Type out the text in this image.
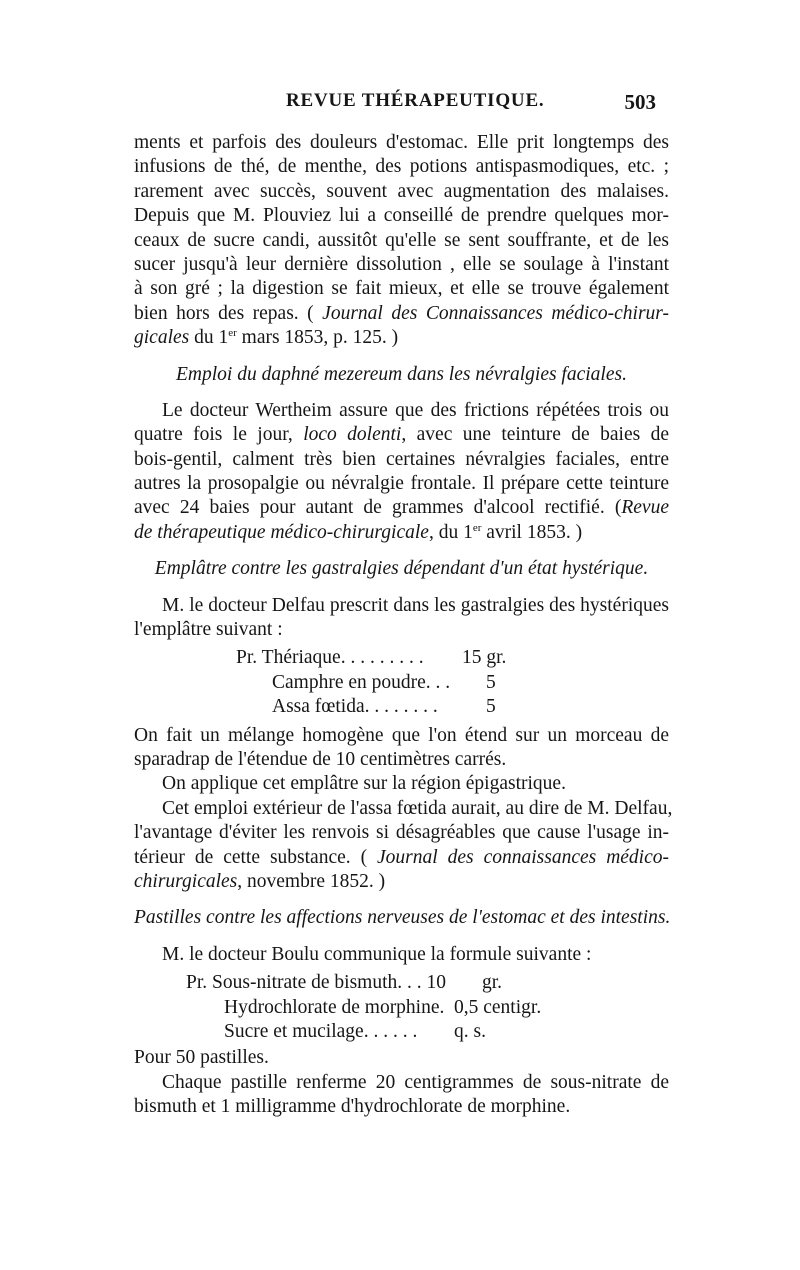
REVUE THÉRAPEUTIQUE.	503
ments et parfois des douleurs d'estomac. Elle prit longtemps des
infusions de thé, de menthe, des potions antispasmodiques, etc. ;
rarement avec succès, souvent avec augmentation des malaises.
Depuis que M. Plouviez lui a conseillé de prendre quelques mor-
ceaux de sucre candi, aussitôt qu'elle se sent souffrante, et de les
sucer jusqu'à leur dernière dissolution , elle se soulage à l'instant
à son gré ; la digestion se fait mieux, et elle se trouve également
bien hors des repas. ( Journal des Connaissances médico-chirur-
gicales du 1er mars 1853, p. 125. )
Emploi du daphné mezereum dans les névralgies faciales.
Le docteur Wertheim assure que des frictions répétées trois ou
quatre fois le jour, loco dolenti, avec une teinture de baies de
bois-gentil, calment très bien certaines névralgies faciales, entre
autres la prosopalgie ou névralgie frontale. Il prépare cette teinture
avec 24 baies pour autant de grammes d'alcool rectifié. (Revue
de thérapeutique médico-chirurgicale, du 1er avril 1853. )
Emplâtre contre les gastralgies dépendant d'un état hystérique.
M. le docteur Delfau prescrit dans les gastralgies des hystériques
l'emplâtre suivant :
Pr. Thériaque. . . . . . . . . 15 gr.
Camphre en poudre. . . 5
Assa fœtida. . . . . . . . 5
On fait un mélange homogène que l'on étend sur un morceau de
sparadrap de l'étendue de 10 centimètres carrés.
On applique cet emplâtre sur la région épigastrique.
Cet emploi extérieur de l'assa fœtida aurait, au dire de M. Delfau,
l'avantage d'éviter les renvois si désagréables que cause l'usage in-
térieur de cette substance. ( Journal des connaissances médico-
chirurgicales, novembre 1852. )
Pastilles contre les affections nerveuses de l'estomac et des intestins.
M. le docteur Boulu communique la formule suivante :
Pr. Sous-nitrate de bismuth. . . 10 gr.
Hydrochlorate de morphine. 0,5 centigr.
Sucre et mucilage. . . . . . q. s.
Pour 50 pastilles.
Chaque pastille renferme 20 centigrammes de sous-nitrate de
bismuth et 1 milligramme d'hydrochlorate de morphine.
